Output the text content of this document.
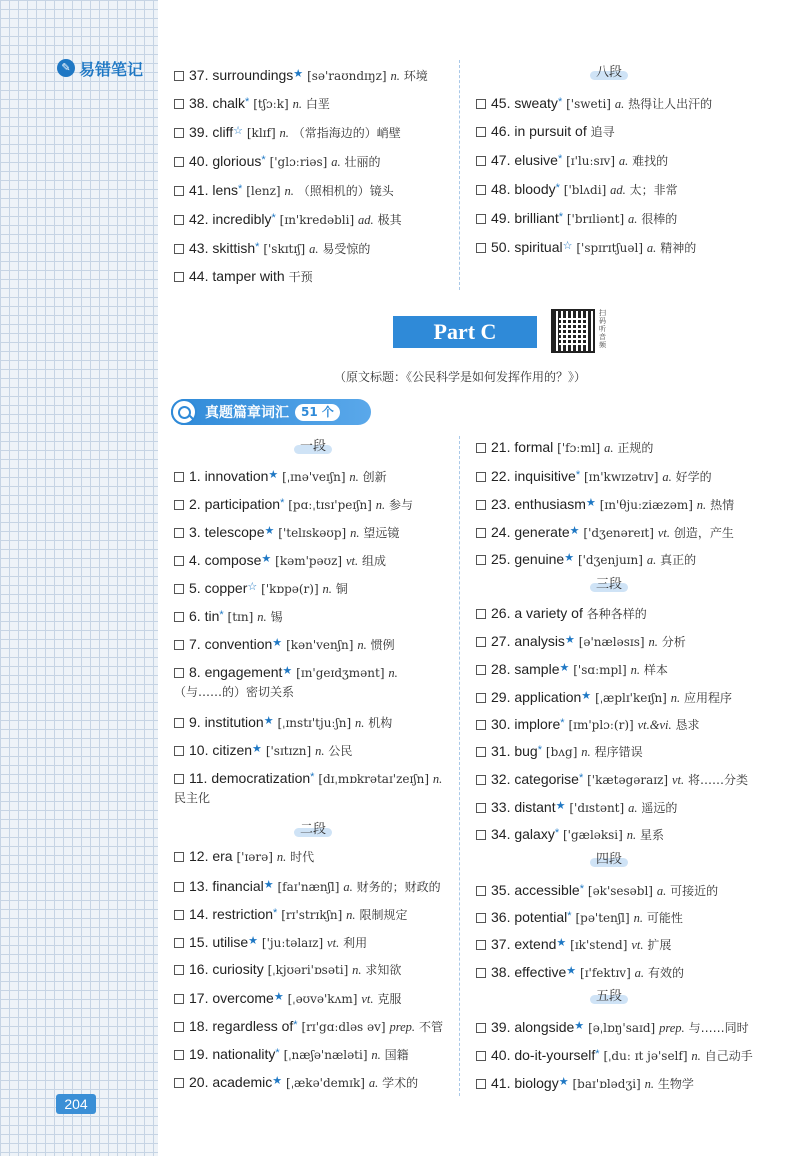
✎ 易错笔记
204
37. surroundings★ [sə'raʊndɪŋz] n. 环境
38. chalk* [tʃɔːk] n. 白垩
39. cliff☆ [klɪf] n. （常指海边的）峭壁
40. glorious* ['glɔːriəs] a. 壮丽的
41. lens* [lenz] n. （照相机的）镜头
42. incredibly* [ɪn'kredəbli] ad. 极其
43. skittish* ['skɪtɪʃ] a. 易受惊的
44. tamper with 干预
八段
45. sweaty* ['sweti] a. 热得让人出汗的
46. in pursuit of 追寻
47. elusive* [ɪ'luːsɪv] a. 难找的
48. bloody* ['blʌdi] ad. 太；非常
49. brilliant* ['brɪliənt] a. 很棒的
50. spiritual☆ ['spɪrɪtʃuəl] a. 精神的
Part C
扫码听音频
（原文标题：《公民科学是如何发挥作用的？》）
真题篇章词汇	51 个
一段
二段
三段
四段
五段
1. innovation★ [ˌɪnə'veɪʃn] n. 创新
2. participation* [pɑːˌtɪsɪ'peɪʃn] n. 参与
3. telescope★ ['telɪskəʊp] n. 望远镜
4. compose★ [kəm'pəʊz] vt. 组成
5. copper☆ ['kɒpə(r)] n. 铜
6. tin* [tɪn] n. 锡
7. convention★ [kən'venʃn] n. 惯例
8. engagement★ [ɪn'geɪdʒmənt] n. （与……的）密切关系
9. institution★ [ˌɪnstɪ'tjuːʃn] n. 机构
10. citizen★ ['sɪtɪzn] n. 公民
11. democratization* [dɪˌmɒkrətaɪ'zeɪʃn] n. 民主化
12. era ['ɪərə] n. 时代
13. financial★ [faɪ'nænʃl] a. 财务的；财政的
14. restriction* [rɪ'strɪkʃn] n. 限制规定
15. utilise★ ['juːtəlaɪz] vt. 利用
16. curiosity [ˌkjʊəri'ɒsəti] n. 求知欲
17. overcome★ [ˌəʊvə'kʌm] vt. 克服
18. regardless of* [rɪ'gɑːdləs əv] prep. 不管
19. nationality* [ˌnæʃə'næləti] n. 国籍
20. academic★ [ˌækə'demɪk] a. 学术的
21. formal ['fɔːml] a. 正规的
22. inquisitive* [ɪn'kwɪzətɪv] a. 好学的
23. enthusiasm★ [ɪn'θjuːziæzəm] n. 热情
24. generate★ ['dʒenəreɪt] vt. 创造，产生
25. genuine★ ['dʒenjuɪn] a. 真正的
26. a variety of 各种各样的
27. analysis★ [ə'næləsɪs] n. 分析
28. sample★ ['sɑːmpl] n. 样本
29. application★ [ˌæplɪ'keɪʃn] n. 应用程序
30. implore* [ɪm'plɔː(r)] vt.&vi. 恳求
31. bug* [bʌg] n. 程序错误
32. categorise* ['kætəgəraɪz] vt. 将……分类
33. distant★ ['dɪstənt] a. 遥远的
34. galaxy* ['gæləksi] n. 星系
35. accessible* [ək'sesəbl] a. 可接近的
36. potential* [pə'tenʃl] n. 可能性
37. extend★ [ɪk'stend] vt. 扩展
38. effective★ [ɪ'fektɪv] a. 有效的
39. alongside★ [əˌlɒŋ'saɪd] prep. 与……同时
40. do-it-yourself* [ˌduː ɪt jə'self] n. 自己动手
41. biology★ [baɪ'ɒlədʒi] n. 生物学
